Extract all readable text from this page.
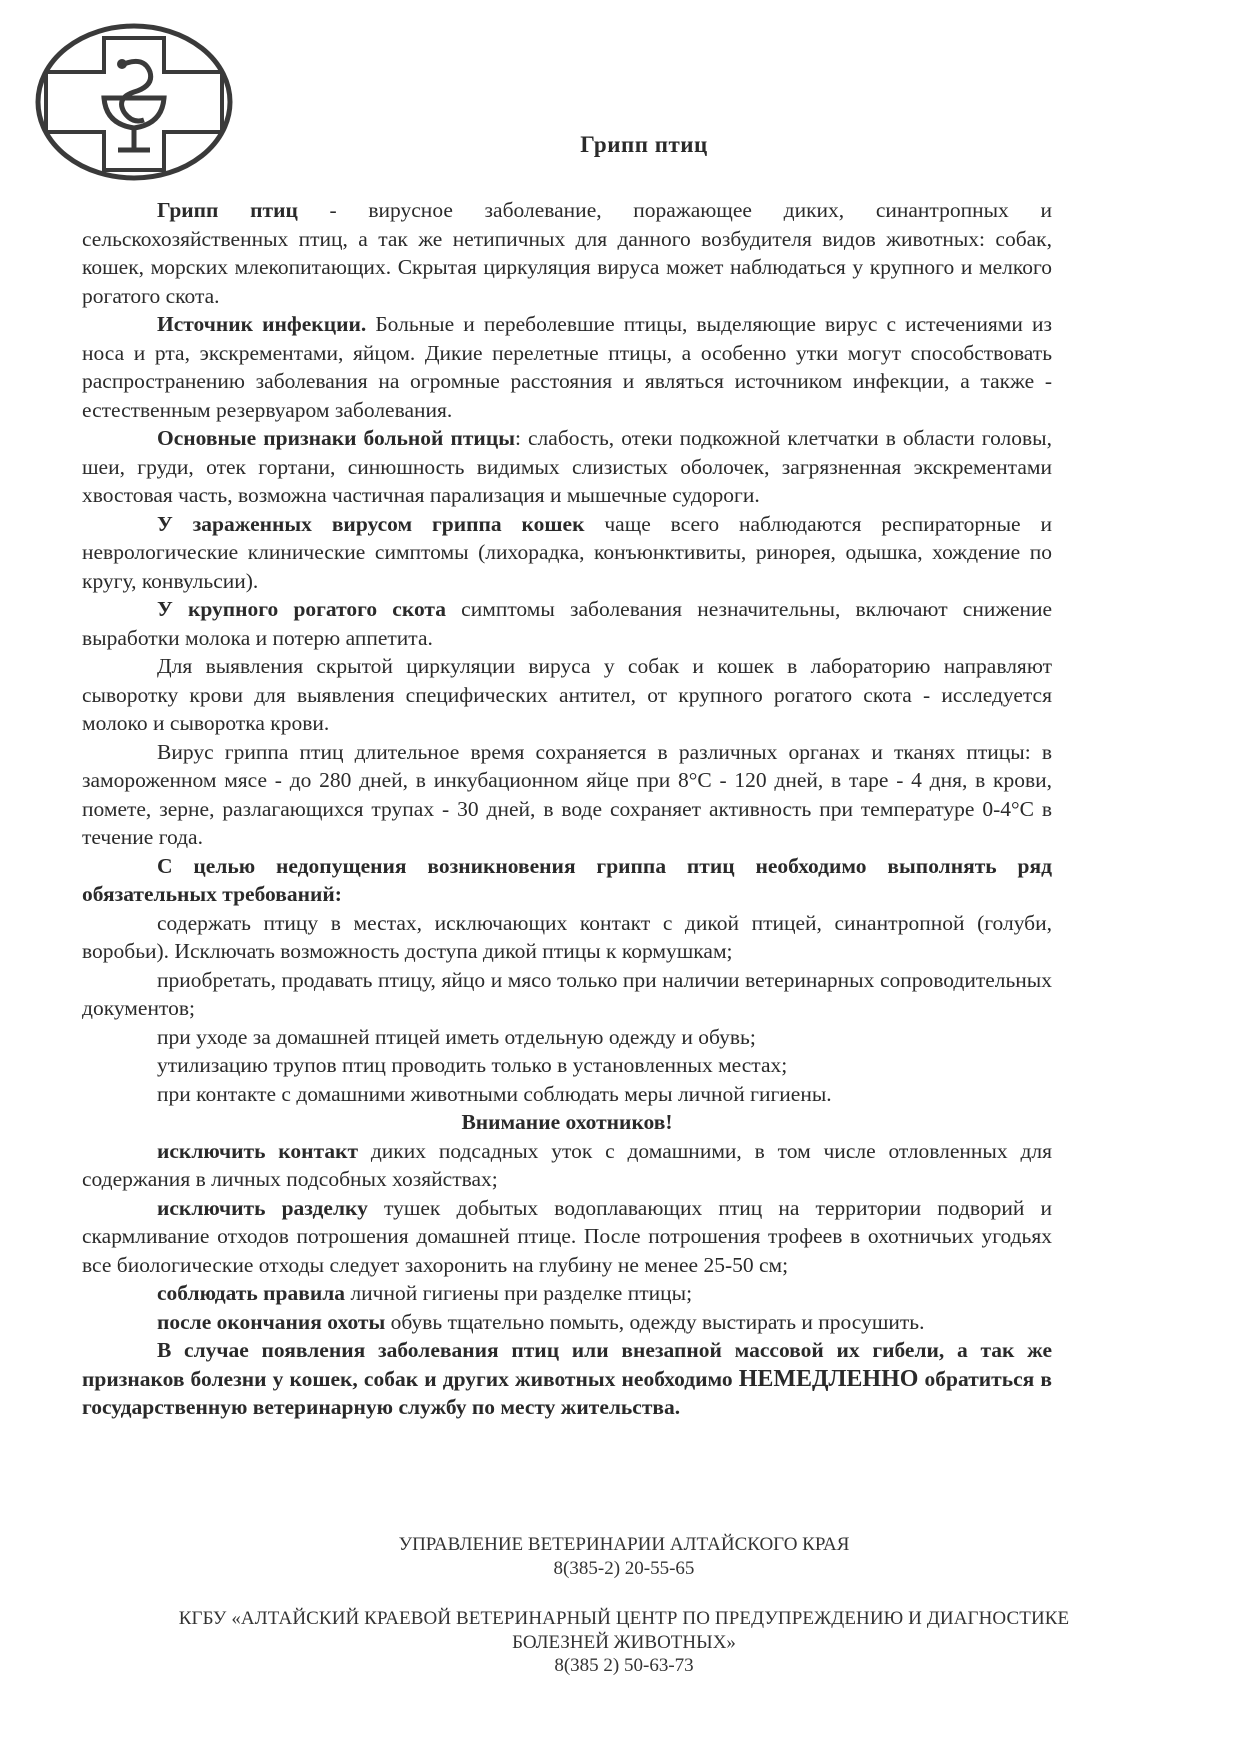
Грипп птиц

Грипп птиц - вирусное заболевание, поражающее диких, синантропных и сельскохозяйственных птиц, а так же нетипичных для данного возбудителя видов животных: собак, кошек, морских млекопитающих. Скрытая циркуляция вируса может наблюдаться у крупного и мелкого рогатого скота.

Источник инфекции. Больные и переболевшие птицы, выделяющие вирус с истечениями из носа и рта, экскрементами, яйцом. Дикие перелетные птицы, а особенно утки могут способствовать распространению заболевания на огромные расстояния и являться источником инфекции, а также - естественным резервуаром заболевания.

Основные признаки больной птицы: слабость, отеки подкожной клетчатки в области головы, шеи, груди, отек гортани, синюшность видимых слизистых оболочек, загрязненная экскрементами хвостовая часть, возможна частичная парализация и мышечные судороги.

У зараженных вирусом гриппа кошек чаще всего наблюдаются респираторные и неврологические клинические симптомы (лихорадка, конъюнктивиты, ринорея, одышка, хождение по кругу, конвульсии).

У крупного рогатого скота симптомы заболевания незначительны, включают снижение выработки молока и потерю аппетита.

Для выявления скрытой циркуляции вируса у собак и кошек в лабораторию направляют сыворотку крови для выявления специфических антител, от крупного рогатого скота - исследуется молоко и сыворотка крови.

Вирус гриппа птиц длительное время сохраняется в различных органах и тканях птицы: в замороженном мясе - до 280 дней, в инкубационном яйце при 8°С - 120 дней, в таре - 4 дня, в крови, помете, зерне, разлагающихся трупах - 30 дней, в воде сохраняет активность при температуре 0-4°С в течение года.

С целью недопущения возникновения гриппа птиц необходимо выполнять ряд обязательных требований:

содержать птицу в местах, исключающих контакт с дикой птицей, синантропной (голуби, воробьи). Исключать возможность доступа дикой птицы к кормушкам;

приобретать, продавать птицу, яйцо и мясо только при наличии ветеринарных сопроводительных документов;

при уходе за домашней птицей иметь отдельную одежду и обувь;

утилизацию трупов птиц проводить только в установленных местах;

при контакте с домашними животными соблюдать меры личной гигиены.

Внимание охотников!

исключить контакт диких подсадных уток с домашними, в том числе отловленных для содержания в личных подсобных хозяйствах;

исключить разделку тушек добытых водоплавающих птиц на территории подворий и скармливание отходов потрошения домашней птице. После потрошения трофеев в охотничьих угодьях все биологические отходы следует захоронить на глубину не менее 25-50 см;

соблюдать правила личной гигиены при разделке птицы;

после окончания охоты обувь тщательно помыть, одежду выстирать и просушить.

В случае появления заболевания птиц или внезапной массовой их гибели, а так же признаков болезни у кошек, собак и других животных необходимо НЕМЕДЛЕННО обратиться в государственную ветеринарную службу по месту жительства.

УПРАВЛЕНИЕ ВЕТЕРИНАРИИ АЛТАЙСКОГО КРАЯ

8(385-2) 20-55-65

КГБУ «АЛТАЙСКИЙ КРАЕВОЙ ВЕТЕРИНАРНЫЙ ЦЕНТР ПО ПРЕДУПРЕЖДЕНИЮ И ДИАГНОСТИКЕ

БОЛЕЗНЕЙ ЖИВОТНЫХ»

8(385 2) 50-63-73
